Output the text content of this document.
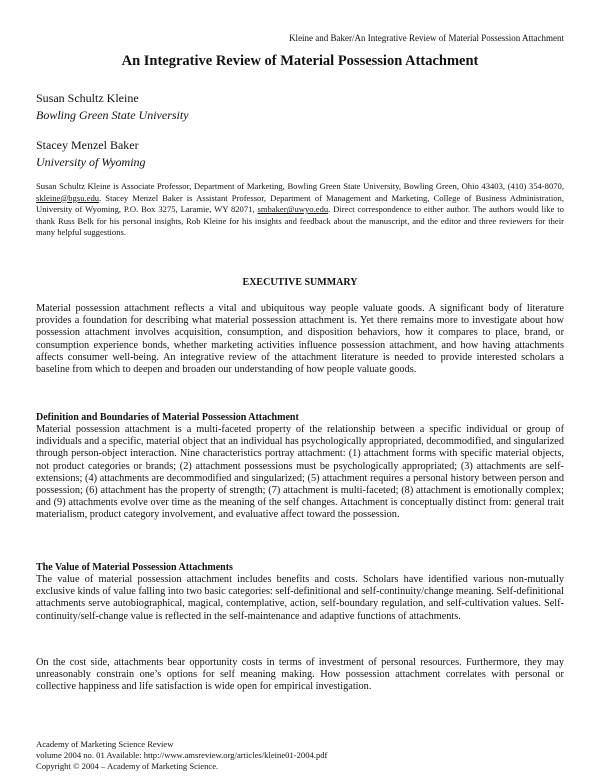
Kleine and Baker/An Integrative Review of Material Possession Attachment
An Integrative Review of Material Possession Attachment
Susan Schultz Kleine
Bowling Green State University
Stacey Menzel Baker
University of Wyoming
Susan Schultz Kleine is Associate Professor, Department of Marketing, Bowling Green State University, Bowling Green, Ohio 43403, (410) 354-8070, skleine@bgsu.edu. Stacey Menzel Baker is Assistant Professor, Department of Management and Marketing, College of Business Administration, University of Wyoming, P.O. Box 3275, Laramie, WY 82071, smbaker@uwyo.edu. Direct correspondence to either author. The authors would like to thank Russ Belk for his personal insights, Rob Kleine for his insights and feedback about the manuscript, and the editor and three reviewers for their many helpful suggestions.
EXECUTIVE SUMMARY

Material possession attachment reflects a vital and ubiquitous way people valuate goods. A significant body of literature provides a foundation for describing what material possession attachment is. Yet there remains more to investigate about how possession attachment involves acquisition, consumption, and disposition behaviors, how it compares to place, brand, or consumption experience bonds, whether marketing activities influence possession attachment, and how having attachments affects consumer well-being. An integrative review of the attachment literature is needed to provide interested scholars a baseline from which to deepen and broaden our understanding of how people valuate goods.

Definition and Boundaries of Material Possession Attachment

Material possession attachment is a multi-faceted property of the relationship between a specific individual or group of individuals and a specific, material object that an individual has psychologically appropriated, decommodified, and singularized through person-object interaction. Nine characteristics portray attachment: (1) attachment forms with specific material objects, not product categories or brands; (2) attachment possessions must be psychologically appropriated; (3) attachments are self-extensions; (4) attachments are decommodified and singularized; (5) attachment requires a personal history between person and possession; (6) attachment has the property of strength; (7) attachment is multi-faceted; (8) attachment is emotionally complex; and (9) attachments evolve over time as the meaning of the self changes. Attachment is conceptually distinct from: general trait materialism, product category involvement, and evaluative affect toward the possession.

The Value of Material Possession Attachments

The value of material possession attachment includes benefits and costs. Scholars have identified various non-mutually exclusive kinds of value falling into two basic categories: self-definitional and self-continuity/change meaning. Self-definitional attachments serve autobiographical, magical, contemplative, action, self-boundary regulation, and self-cultivation values. Self-continuity/self-change value is reflected in the self-maintenance and adaptive functions of attachments.

On the cost side, attachments bear opportunity costs in terms of investment of personal resources. Furthermore, they may unreasonably constrain one’s options for self meaning making. How possession attachment correlates with personal or collective happiness and life satisfaction is wide open for empirical investigation.

Academy of Marketing Science Review
volume 2004 no. 01 Available: http://www.amsreview.org/articles/kleine01-2004.pdf
Copyright © 2004 – Academy of Marketing Science.
